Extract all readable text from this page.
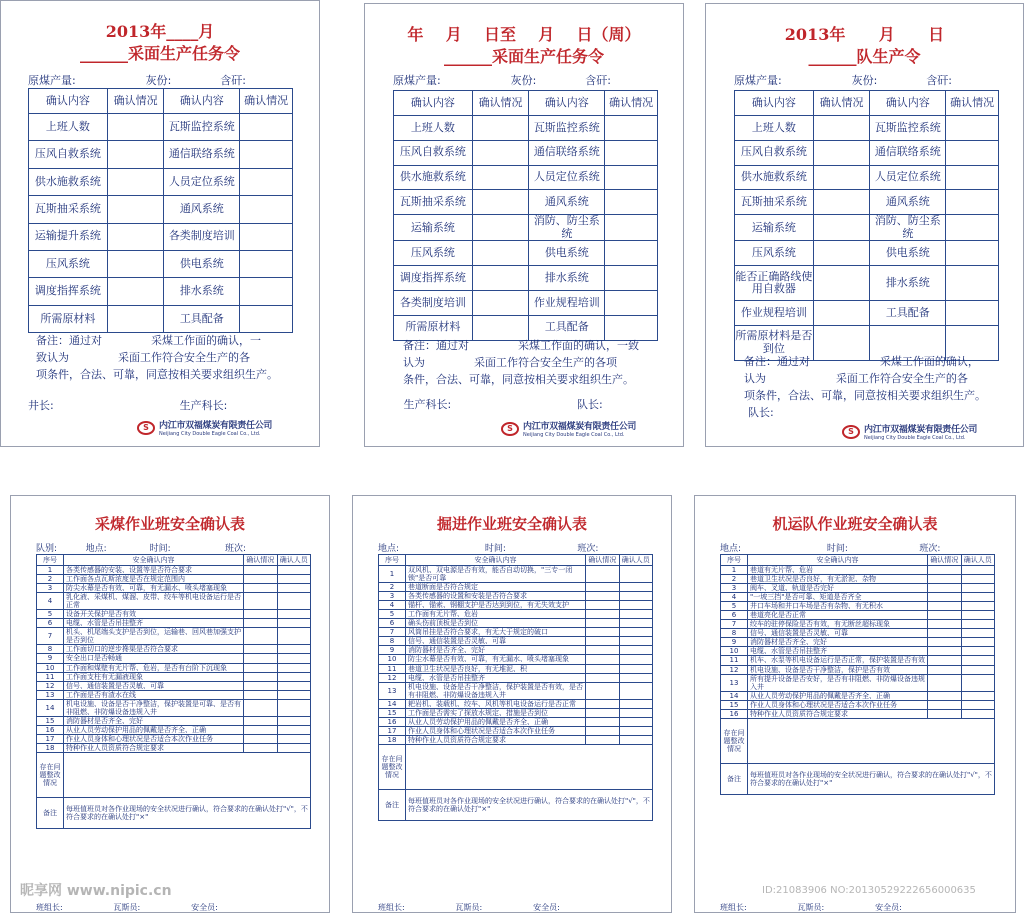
2013年____月
______采面生产任务令
原煤产量:                    灰份:              含矸:
确认内容	确认情况	确认内容	确认情况
上班人数		瓦斯监控系统	
压风自救系统		通信联络系统	
供水施救系统		人员定位系统	
瓦斯抽采系统		通风系统	
运输提升系统		各类制度培训	
压风系统		供电系统	
调度指挥系统		排水系统	
所需原材料		工具配备	
备注：通过对              采煤工作面的确认，一
致认为              采面工作符合安全生产的各
项条件，合法、可靠，同意按相关要求组织生产。
井长:                                    生产科长:
S	内江市双福煤炭有限责任公司
Neijiang City Double Eagle Coal Co., Ltd.
年    月    日至    月    日（周）
______采面生产任务令
原煤产量:                    灰份:              含矸:
确认内容	确认情况	确认内容	确认情况
上班人数		瓦斯监控系统	
压风自救系统		通信联络系统	
供水施救系统		人员定位系统	
瓦斯抽采系统		通风系统	
运输系统		消防、防尘系统	
压风系统		供电系统	
调度指挥系统		排水系统	
各类制度培训		作业规程培训	
所需原材料		工具配备	
备注：通过对              采煤工作面的确认，一致
认为              采面工作符合安全生产的各项
条件，合法、可靠，同意按相关要求组织生产。
生产科长:                                    队长:
S	内江市双福煤炭有限责任公司
Neijiang City Double Eagle Coal Co., Ltd.
2013年      月      日
______队生产令
原煤产量:                    灰份:              含矸:
确认内容	确认情况	确认内容	确认情况
上班人数		瓦斯监控系统	
压风自救系统		通信联络系统	
供水施救系统		人员定位系统	
瓦斯抽采系统		通风系统	
运输系统		消防、防尘系统	
压风系统		供电系统	
能否正确路线使用自救器		排水系统	
作业规程培训		工具配备	
所需原材料是否到位			
备注：通过对                    采煤工作面的确认，
认为                    采面工作符合安全生产的各
项条件，合法、可靠，同意按相关要求组织生产。
队长:
S	内江市双福煤炭有限责任公司
Neijiang City Double Eagle Coal Co., Ltd.
采煤作业班安全确认表
队别:          地点:               时间:                   班次:
序号	安全确认内容	确认情况	确认人员
1	各类传感器的安装、设置等是否符合要求		
2	工作面各点瓦斯浓度是否在规定范围内		
3	防尖水幕是否有效、可靠，有无漏水、喷头堵塞现象		
4	乳化液、采煤机、煤溜、皮带、绞车等机电设备运行是否正常		
5	设备开关保护是否有效		
6	电缆、水管是否吊挂整齐		
7	机头、机尾端头支护是否到位，运输巷、回风巷加强支护是否到位		
8	工作面切口的逆步搀渠是否符合要求		
9	安全出口是否畅通		
10	工作面和煤壁有无片帮、危岩，是否有台阶下沉现象		
11	工作面支柱有无漏液现象		
12	信号、通信装置是否灵敏、可靠		
13	工作面是否有渣水在线		
14	机电设施、设备是否干净整洁，保护装置是可靠、是否有非阻燃、非防爆设备违规入井		
15	消防器材是否齐全、完好		
16	从业人员劳动保护用品的佩戴是否齐全、正确		
17	作业人员身体和心理状况是否适合本次作业任务		
18	特种作业人员资质符合规定要求		
存在问题整改情况			
备注	每班值班员对各作业现场的安全状况进行确认，符合要求的在确认处打"√"，不符合要求的在确认处打"×"		
班组长:                    瓦斯员:                    安全员:
掘进作业班安全确认表
地点:                              时间:                         班次:
序号	安全确认内容	确认情况	确认人员
1	双风机、双电源是否有效，能否自动切换，"三专一闭锁"是否可靠		
2	巷道断面是否符合规定		
3	各类传感器的设置和安装是否符合要求		
4	锚杆、锚索、钢棚支护是否达到到位，有无失效支护		
5	工作面有无片帮、危岩		
6	确头伤前顶板是否到位		
7	风筒吊挂是否符合要求，有无大于规定的破口		
8	信号、通信装置是否灵敏、可靠		
9	消防器材是否齐全、完好		
10	防尘水幕是否有效、可靠，有无漏水、喷头堵塞现象		
11	巷道卫生状况是否良好，有无堆泥、积		
12	电缆、水管是否吊挂整齐		
13	机电设施、设备是否干净整洁，保护装置是否有效，是否有非阻燃、非防爆设备违规入井		
14	耙岩机、装载机、绞车、风机等机电设备运行是否正常		
15	工作面是否需实了探放水规定、措施是否到位		
16	从业人员劳动保护用品的佩戴是否齐全、正确		
17	作业人员身体和心理状况是否适合本次作业任务		
18	特种作业人员资质符合规定要求		
存在问题整改情况			
备注	每班值班员对各作业现场的安全状况进行确认，符合要求的在确认处打"√"，不符合要求的在确认处打"×"		
班组长:                    瓦斯员:                    安全员:
机运队作业班安全确认表
地点:                              时间:                         班次:
序号	安全确认内容	确认情况	确认人员
1	巷道有无片帮、危岩		
2	巷道卫生状况是否良好，有无淤泥、杂物		
3	阀车、叉道、轨道是否完好		
4	"一坡三挡"是否可靠、矩道是否齐全		
5	井口车场和井口车场是否有杂物、有无积水		
6	巷道亮化是否正常		
7	绞车的驻停保险是否有效，有无断丝超标现象		
8	信号、通信装置是否灵敏、可靠		
9	消防器材是否齐全、完好		
10	电缆、水管是否吊挂整齐		
11	机车、水泵等机电设备运行是否正常，保护装置是否有效		
12	机电设施、设备是否干净整洁，保护是否有效		
13	所有提升设备是否安好，是否有非阻燃、非防爆设备违规入井		
14	从业人员劳动保护用品的佩戴是否齐全、正确		
15	作业人员身体和心理状况是否适合本次作业任务		
16	特种作业人员资质符合规定要求		
存在问题整改情况			
备注	每班值班员对各作业现场的安全状况进行确认，符合要求的在确认处打"√"，不符合要求的在确认处打"×"		
班组长:                    瓦斯员:                    安全员:
昵享网 www.nipic.cn	ID:21083906 NO:20130529222656000635
